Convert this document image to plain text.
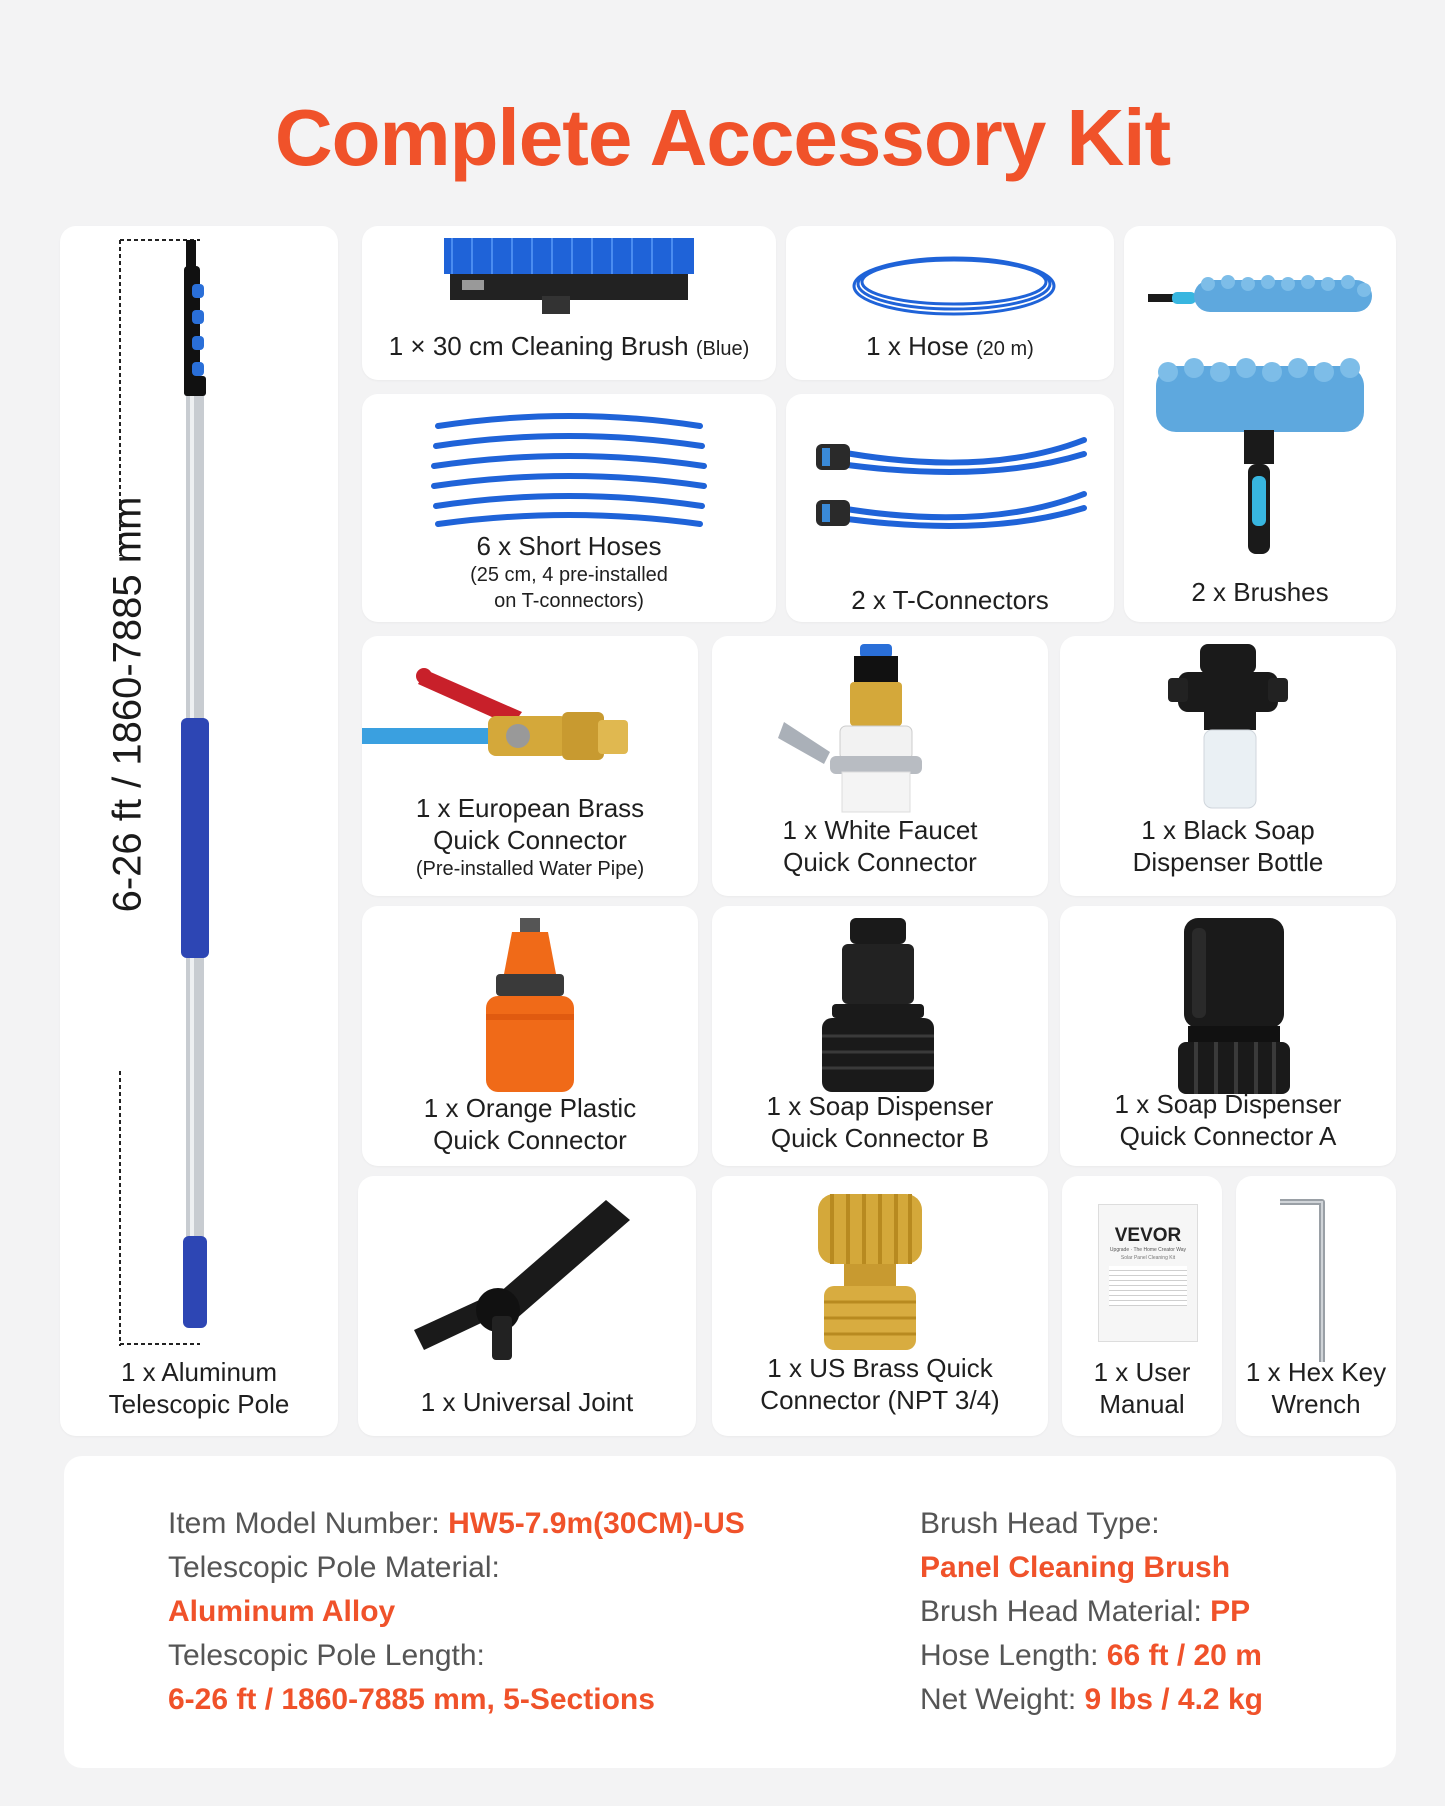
Complete Accessory Kit
6-26 ft / 1860-7885 mm
1 x Aluminum
Telescopic Pole
1 × 30 cm Cleaning Brush (Blue)	1 x Hose (20 m)
2 x Brushes
6 x Short Hoses
(25 cm, 4 pre-installed
on T-connectors)	2 x T-Connectors
1 x European Brass
Quick Connector
(Pre-installed Water Pipe)
1 x White Faucet
Quick Connector
1 x Black Soap
Dispenser Bottle
1 x Orange Plastic
Quick Connector
1 x Soap Dispenser
Quick Connector B
1 x Soap Dispenser
Quick Connector A
1 x Universal Joint
1 x US Brass Quick
Connector (NPT 3/4)
VEVOR
Upgrade · The Home Creator Way
Solar Panel Cleaning Kit
1 x User
Manual
1 x Hex Key
Wrench
Item Model Number: HW5-7.9m(30CM)-US
Telescopic Pole Material:
Aluminum Alloy
Telescopic Pole Length:
6-26 ft / 1860-7885 mm, 5-Sections
Brush Head Type:
Panel Cleaning Brush
Brush Head Material: PP
Hose Length: 66 ft / 20 m
Net Weight: 9 lbs / 4.2 kg
